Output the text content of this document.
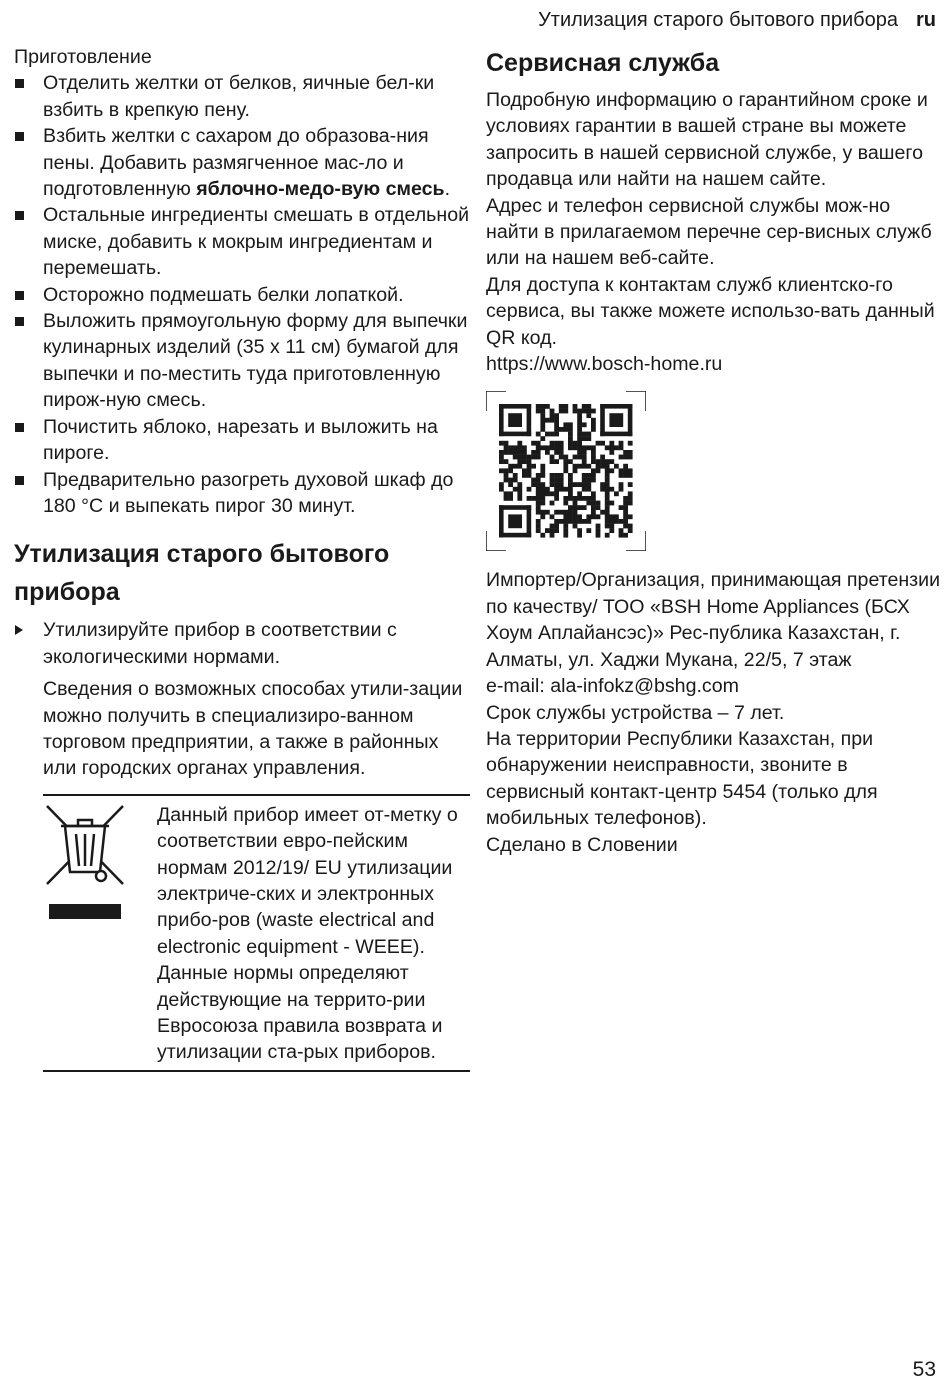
Утилизация старого бытового прибора ru

Приготовление

Отделить желтки от белков, яичные бел-ки взбить в крепкую пену.
Взбить желтки с сахаром до образова-ния пены. Добавить размягченное мас-ло и подготовленную яблочно-медо-вую смесь.
Остальные ингредиенты смешать в отдельной миске, добавить к мокрым ингредиентам и перемешать.
Осторожно подмешать белки лопаткой.
Выложить прямоугольную форму для выпечки кулинарных изделий (35 x 11 см) бумагой для выпечки и по-местить туда приготовленную пирож-ную смесь.
Почистить яблоко, нарезать и выложить на пироге.
Предварительно разогреть духовой шкаф до 180 °C и выпекать пирог 30 минут.
Утилизация старого бытового прибора
Утилизируйте прибор в соответствии с экологическими нормами.

Сведения о возможных способах утили-зации можно получить в специализиро-ванном торговом предприятии, а также в районных или городских органах управления.

Данный прибор имеет от-метку о соответствии евро-пейским нормам 2012/19/ EU утилизации электриче-ских и электронных прибо-ров (waste electrical and electronic equipment - WEEE).

Данные нормы определяют действующие на террито-рии Евросоюза правила возврата и утилизации ста-рых приборов.

Сервисная служба

Подробную информацию о гарантийном сроке и условиях гарантии в вашей стране вы можете запросить в нашей сервисной службе, у вашего продавца или найти на нашем сайте.

Адрес и телефон сервисной службы мож-но найти в прилагаемом перечне сер-висных служб или на нашем веб-сайте.

Для доступа к контактам служб клиентско-го сервиса, вы также можете использо-вать данный QR код.

https://www.bosch-home.ru

Импортер/Организация, принимающая претензии по качеству/ ТОО «BSH Home Appliances (БСХ Хоум Аплайансэс)» Рес-публика Казахстан, г. Алматы, ул. Хаджи Мукана, 22/5, 7 этаж

e-mail: ala-infokz@bshg.com

Срок службы устройства – 7 лет.

На территории Республики Казахстан, при обнаружении неисправности, звоните в сервисный контакт-центр 5454 (только для мобильных телефонов).

Сделано в Словении

53
